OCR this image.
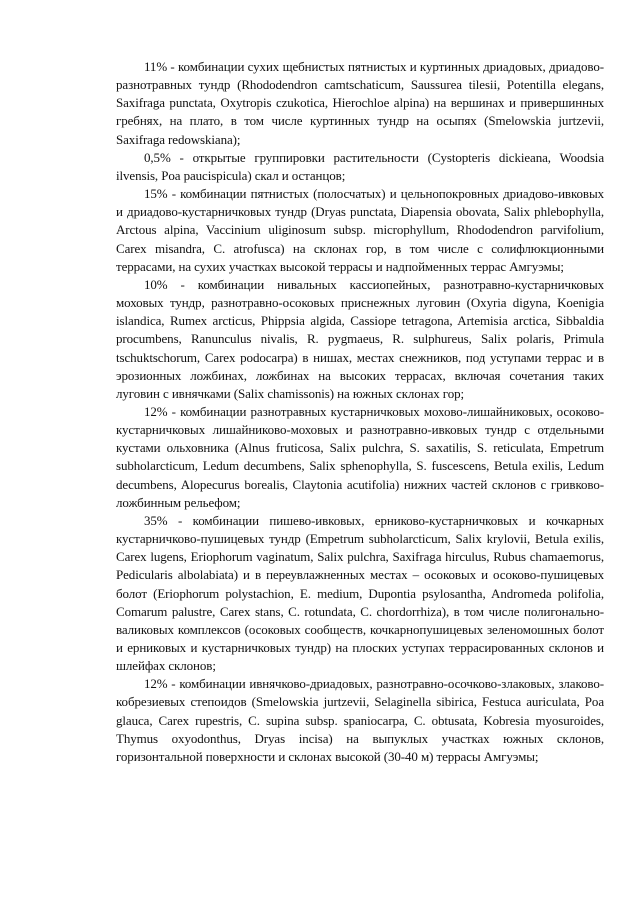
11% - комбинации сухих щебнистых пятнистых и куртинных дриадовых, дриадово-разнотравных тундр (Rhododendron camtschaticum, Saussurea tilesii, Potentilla elegans, Saxifraga punctata, Oxytropis czukotica, Hierochloe alpina) на вершинах и привершинных гребнях, на плато, в том числе куртинных тундр на осыпях (Smelowskia jurtzevii, Saxifraga redowskiana);

0,5% - открытые группировки растительности (Cystopteris dickieana, Woodsia ilvensis, Poa paucispicula) скал и останцов;

15% - комбинации пятнистых (полосчатых) и цельнопокровных дриадово-ивковых и дриадово-кустарничковых тундр (Dryas punctata, Diapensia obovata, Salix phlebophylla, Arctous alpina, Vaccinium uliginosum subsp. microphyllum, Rhododendron parvifolium, Carex misandra, C. atrofusca) на склонах гор, в том числе с солифлюкционными террасами, на сухих участках высокой террасы и надпойменных террас Амгуэмы;

10% - комбинации нивальных кассиопейных, разнотравно-кустарничковых моховых тундр, разнотравно-осоковых приснежных луговин (Oxyria digyna, Koenigia islandica, Rumex arcticus, Phippsia algida, Cassiope tetragona, Artemisia arctica, Sibbaldia procumbens, Ranunculus nivalis, R. pygmaeus, R. sulphureus, Salix polaris, Primula tschuktschorum, Carex podocarpa) в нишах, местах снежников, под уступами террас и в эрозионных ложбинах, ложбинах на высоких террасах, включая сочетания таких луговин с ивнячками (Salix chamissonis) на южных склонах гор;

12% - комбинации разнотравных кустарничковых мохово-лишайниковых, осоково-кустарничковых лишайниково-моховых и разнотравно-ивковых тундр с отдельными кустами ольховника (Alnus fruticosa, Salix pulchra, S. saxatilis, S. reticulata, Empetrum subholarcticum, Ledum decumbens, Salix sphenophylla, S. fuscescens, Betula exilis, Ledum decumbens, Alopecurus borealis, Claytonia acutifolia) нижних частей склонов с гривково-ложбинным рельефом;

35% - комбинации пишево-ивковых, ерниково-кустарничковых и кочкарных кустарничково-пушицевых тундр (Empetrum subholarcticum, Salix krylovii, Betula exilis, Carex lugens, Eriophorum vaginatum, Salix pulchra, Saxifraga hirculus, Rubus chamaemorus, Pedicularis albolabiata) и в переувлажненных местах – осоковых и осоково-пушицевых болот (Eriophorum polystachion, E. medium, Dupontia psylosantha, Andromeda polifolia, Comarum palustre, Carex stans, C. rotundata, C. chordorrhiza), в том числе полигонально-валиковых комплексов (осоковых сообществ, кочкарнопушицевых зеленомошных болот и ерниковых и кустарничковых тундр) на плоских уступах террасированных склонов и шлейфах склонов;

12% - комбинации ивнячково-дриадовых, разнотравно-осочково-злаковых, злаково-кобрезиевых степоидов (Smelowskia jurtzevii, Selaginella sibirica, Festuca auriculata, Poa glauca, Carex rupestris, C. supina subsp. spaniocarpa, C. obtusata, Kobresia myosuroides, Thymus oxyodonthus, Dryas incisa) на выпуклых участках южных склонов, горизонтальной поверхности и склонах высокой (30-40 м) террасы Амгуэмы;
